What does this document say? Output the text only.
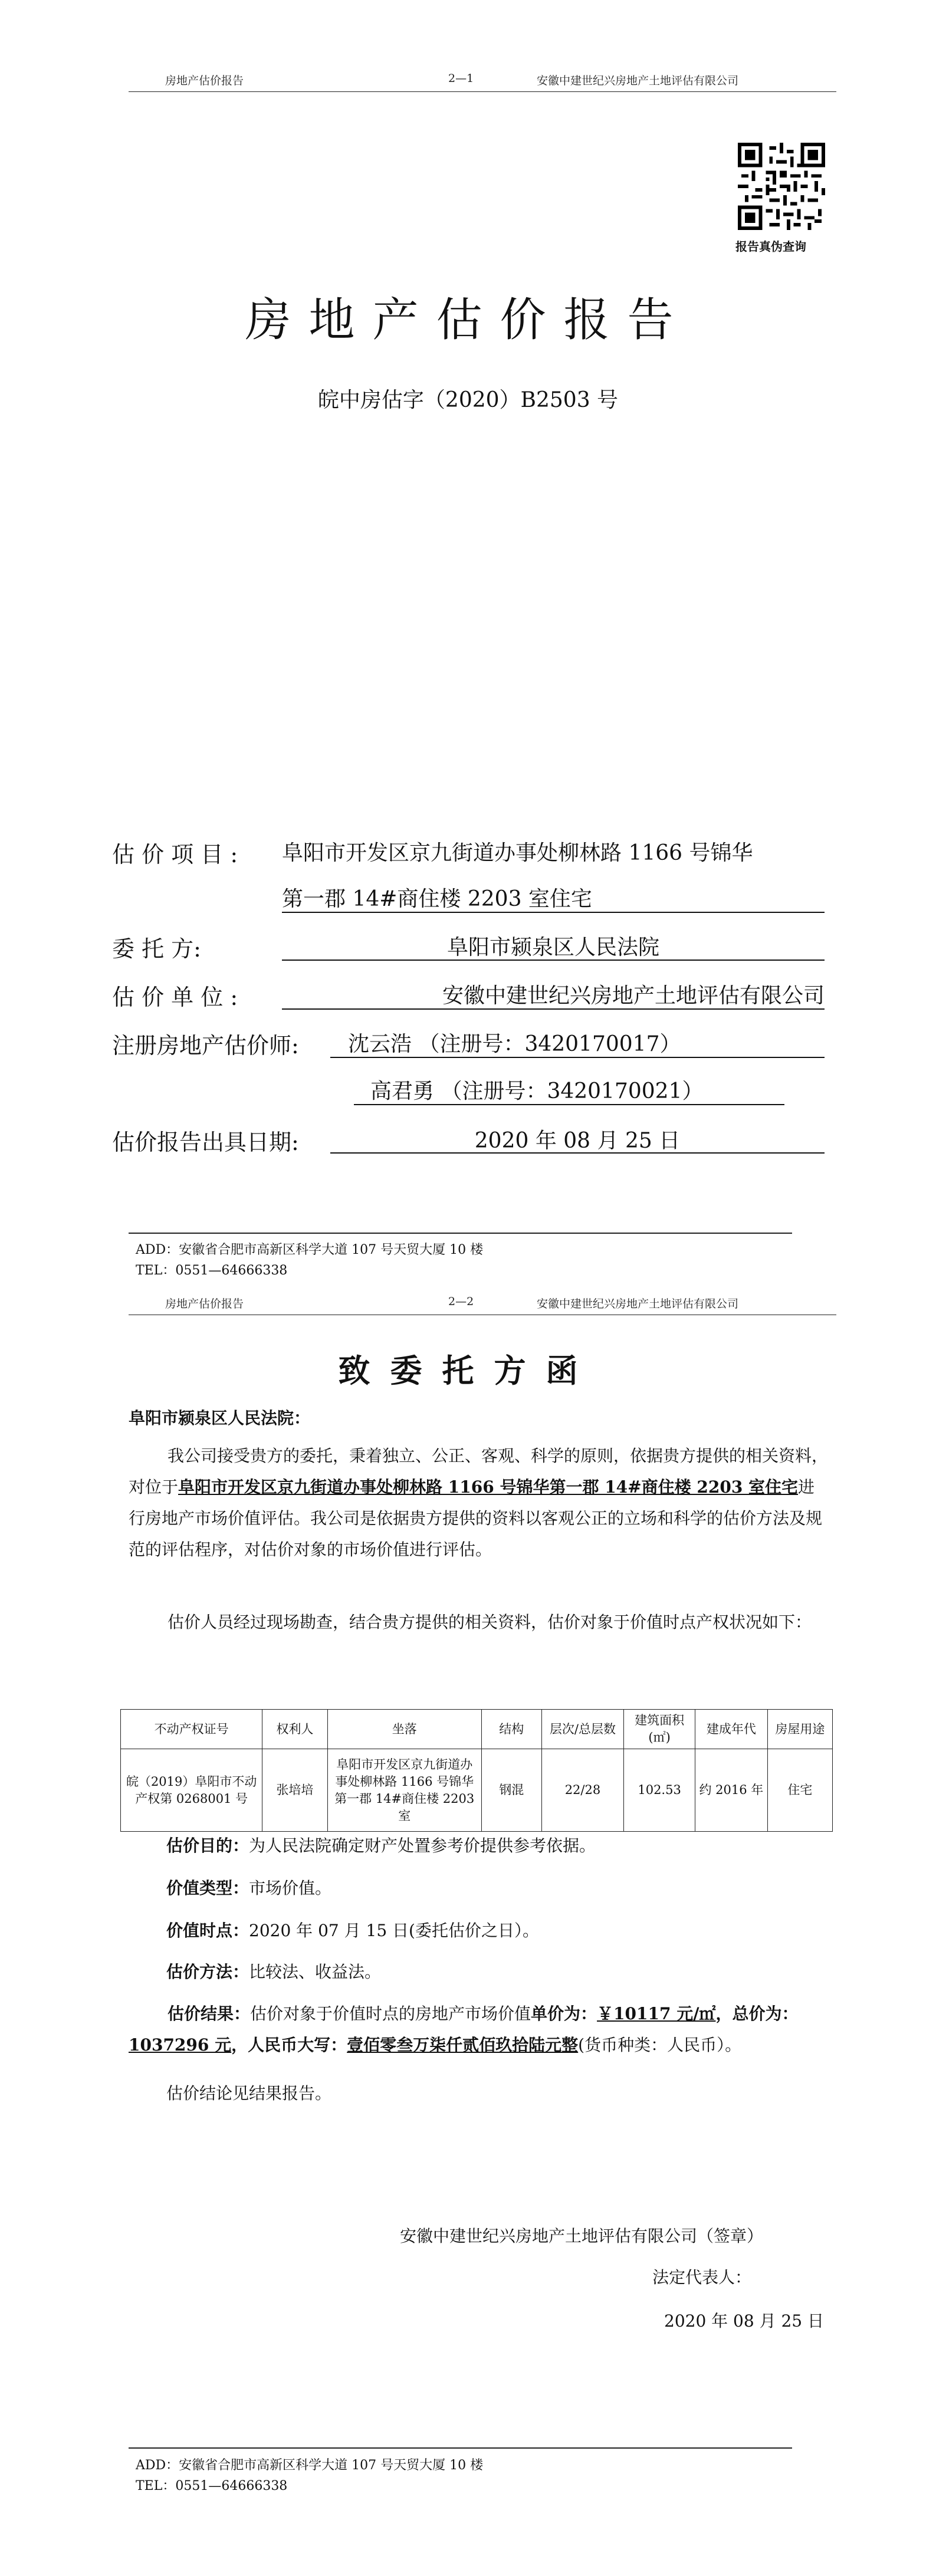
房地产估价报告	2—1	安徽中建世纪兴房地产土地评估有限公司
报告真伪查询
房地产估价报告
皖中房估字（2020）B2503 号
估 价 项 目 : 阜阳市开发区京九街道办事处柳林路 1166 号锦华
第一郡 14#商住楼 2203 室住宅
委 托 方:	阜阳市颍泉区人民法院
估 价 单 位 :	安徽中建世纪兴房地产土地评估有限公司
注册房地产估价师: 沈云浩 （注册号：3420170017）
高君勇 （注册号：3420170021）
估价报告出具日期:	2020 年 08 月 25 日
ADD：安徽省合肥市高新区科学大道 107 号天贸大厦 10 楼
TEL：0551—64666338
房地产估价报告	2—2	安徽中建世纪兴房地产土地评估有限公司
致委托方函
阜阳市颍泉区人民法院：
我公司接受贵方的委托，秉着独立、公正、客观、科学的原则，依据贵方提供的相关资料，对位于阜阳市开发区京九街道办事处柳林路 1166 号锦华第一郡 14#商住楼 2203 室住宅进行房地产市场价值评估。我公司是依据贵方提供的资料以客观公正的立场和科学的估价方法及规范的评估程序，对估价对象的市场价值进行评估。
估价人员经过现场勘查，结合贵方提供的相关资料，估价对象于价值时点产权状况如下：
不动产权证号	权利人	坐落	结构	层次/总层数	建筑面积(㎡)	建成年代	房屋用途
皖（2019）阜阳市不动产权第 0268001 号	张培培	阜阳市开发区京九街道办事处柳林路 1166 号锦华第一郡 14#商住楼 2203 室	钢混	22/28	102.53	约 2016 年	住宅
估价目的：为人民法院确定财产处置参考价提供参考依据。
价值类型：市场价值。
价值时点：2020 年 07 月 15 日(委托估价之日）。
估价方法：比较法、收益法。
估价结果：估价对象于价值时点的房地产市场价值单价为：￥10117 元/㎡，总价为：1037296 元，人民币大写：壹佰零叁万柒仟贰佰玖拾陆元整(货币种类：人民币）。
估价结论见结果报告。
安徽中建世纪兴房地产土地评估有限公司（签章）
法定代表人：
2020 年 08 月 25 日
ADD：安徽省合肥市高新区科学大道 107 号天贸大厦 10 楼
TEL：0551—64666338
